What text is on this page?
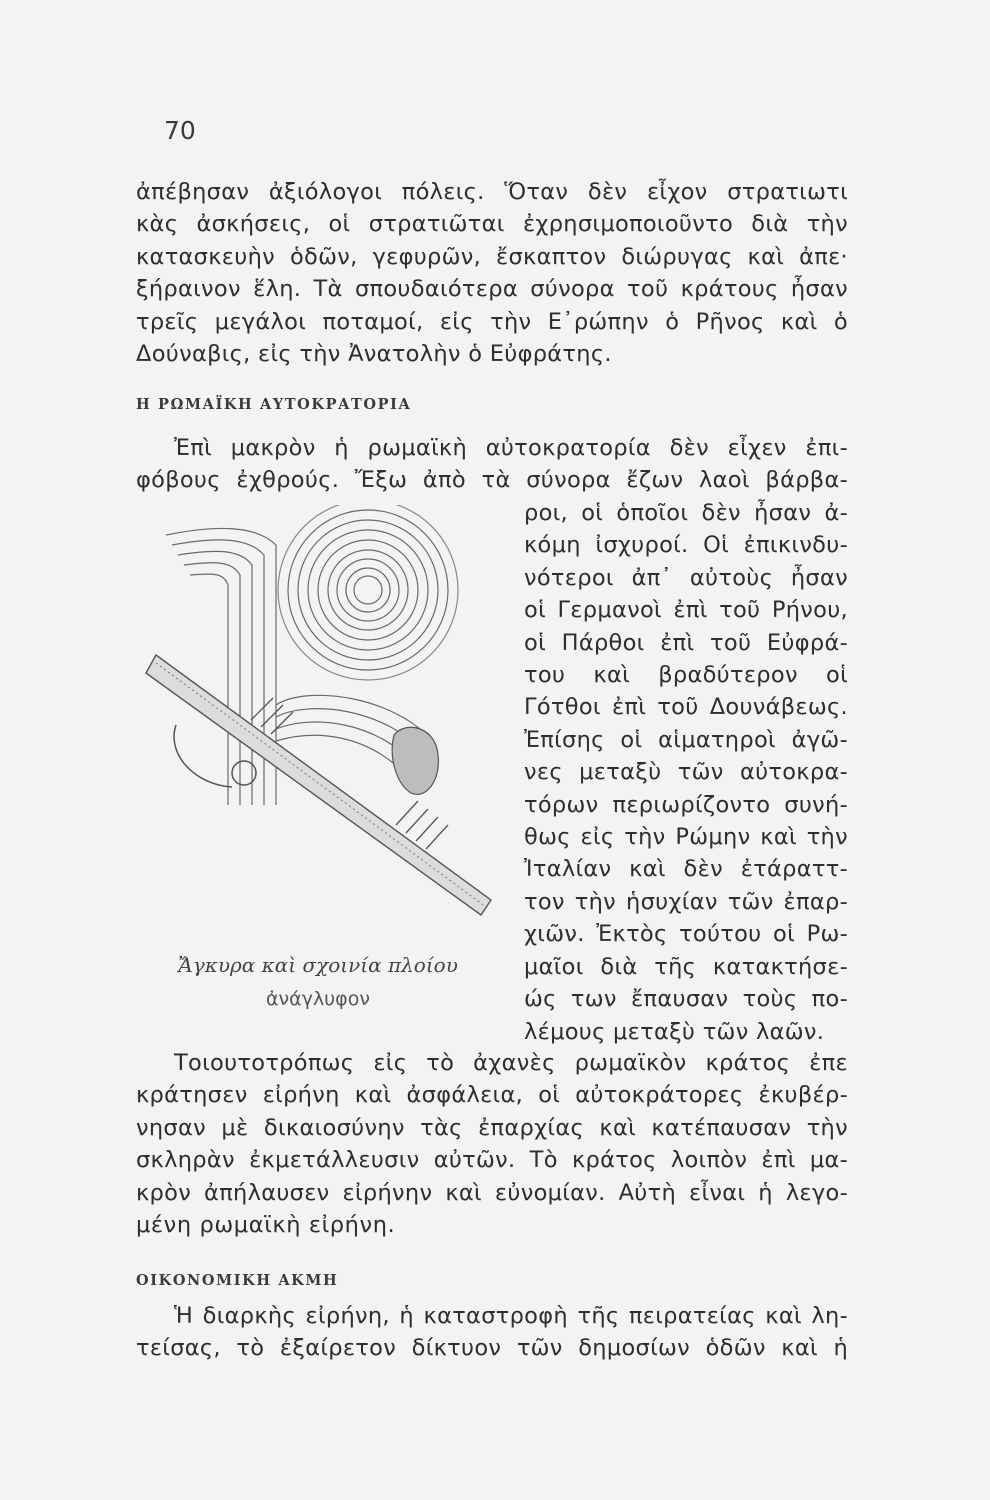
70
ἀπέβησαν ἀξιόλογοι πόλεις. Ὅταν δὲν εἶχον στρατιωτι
κὰς ἀσκήσεις, οἱ στρατιῶται ἐχρησιμοποιοῦντο διὰ τὴν
κατασκευὴν ὁδῶν, γεφυρῶν, ἔσκαπτον διώρυγας καὶ ἀπε·
ξήραινον ἕλη. Τὰ σπουδαιότερα σύνορα τοῦ κράτους ἦσαν
τρεῖς μεγάλοι ποταμοί, εἰς τὴν Ε᾽ρώπην ὁ Ρῆνος καὶ ὁ
Δούναβις, εἰς τὴν Ἀνατολὴν ὁ Εὐφράτης.
Η ΡΩΜΑΪΚΗ ΑΥΤΟΚΡΑΤΟΡΙΑ
Ἐπὶ μακρὸν ἡ ρωμαϊκὴ αὐτοκρατορία δὲν εἶχεν ἐπι-
φόβους ἐχθρούς. Ἔξω ἀπὸ τὰ σύνορα ἔζων λαοὶ βάρβα-
Ἄγκυρα καὶ σχοινία πλοίου
ἀνάγλυφον
ροι, οἱ ὁποῖοι δὲν ἦσαν ἀ-
κόμη ἰσχυροί. Οἱ ἐπικινδυ-
νότεροι ἀπ᾽ αὐτοὺς ἦσαν
οἱ Γερμανοὶ ἐπὶ τοῦ Ρήνου,
οἱ Πάρθοι ἐπὶ τοῦ Εὐφρά-
του καὶ βραδύτερον οἱ
Γότθοι ἐπὶ τοῦ Δουνάβεως.
Ἐπίσης οἱ αἱματηροὶ ἀγῶ-
νες μεταξὺ τῶν αὐτοκρα-
τόρων περιωρίζοντο συνή-
θως εἰς τὴν Ρώμην καὶ τὴν
Ἰταλίαν καὶ δὲν ἐτάραττ-
τον τὴν ἡσυχίαν τῶν ἐπαρ-
χιῶν. Ἐκτὸς τούτου οἱ Ρω-
μαῖοι διὰ τῆς κατακτήσε-
ώς των ἔπαυσαν τοὺς πο-
λέμους μεταξὺ τῶν λαῶν.
Τοιουτοτρόπως εἰς τὸ ἀχανὲς ρωμαϊκὸν κράτος ἐπε
κράτησεν εἰρήνη καὶ ἀσφάλεια, οἱ αὐτοκράτορες ἐκυβέρ-
νησαν μὲ δικαιοσύνην τὰς ἐπαρχίας καὶ κατέπαυσαν τὴν
σκληρὰν ἐκμετάλλευσιν αὐτῶν. Τὸ κράτος λοιπὸν ἐπὶ μα-
κρὸν ἀπήλαυσεν εἰρήνην καὶ εὐνομίαν. Αὐτὴ εἶναι ἡ λεγο-
μένη ρωμαϊκὴ εἰρήνη.
ΟΙΚΟΝΟΜΙΚΗ ΑΚΜΗ
Ἡ διαρκὴς εἰρήνη, ἡ καταστροφὴ τῆς πειρατείας καὶ λη-
τείσας, τὸ ἐξαίρετον δίκτυον τῶν δημοσίων ὁδῶν καὶ ἡ
